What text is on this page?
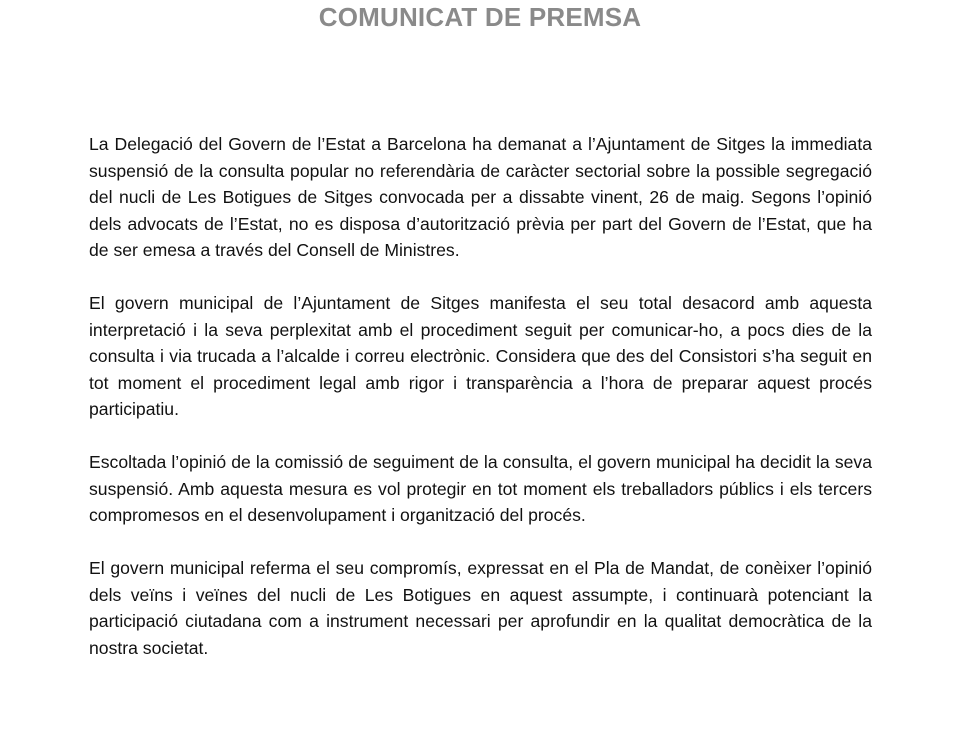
COMUNICAT DE PREMSA

La Delegació del Govern de l’Estat a Barcelona ha demanat a l’Ajuntament de Sitges la immediata suspensió de la consulta popular no referendària de caràcter sectorial sobre la possible segregació del nucli de Les Botigues de Sitges convocada per a dissabte vinent, 26 de maig. Segons l’opinió dels advocats de l’Estat, no es disposa d’autorització prèvia per part del Govern de l’Estat, que ha de ser emesa a través del Consell de Ministres.

El govern municipal de l’Ajuntament de Sitges manifesta el seu total desacord amb aquesta interpretació i la seva perplexitat amb el procediment seguit per comunicar-ho, a pocs dies de la consulta i via trucada a l’alcalde i correu electrònic. Considera que des del Consistori s’ha seguit en tot moment el procediment legal amb rigor i transparència a l’hora de preparar aquest procés participatiu.

Escoltada l’opinió de la comissió de seguiment de la consulta, el govern municipal ha decidit la seva suspensió. Amb aquesta mesura es vol protegir en tot moment els treballadors públics i els tercers compromesos en el desenvolupament i organització del procés.

El govern municipal referma el seu compromís, expressat en el Pla de Mandat, de conèixer l’opinió dels veïns i veïnes del nucli de Les Botigues en aquest assumpte, i continuarà potenciant la participació ciutadana com a instrument necessari per aprofundir en la qualitat democràtica de la nostra societat.
